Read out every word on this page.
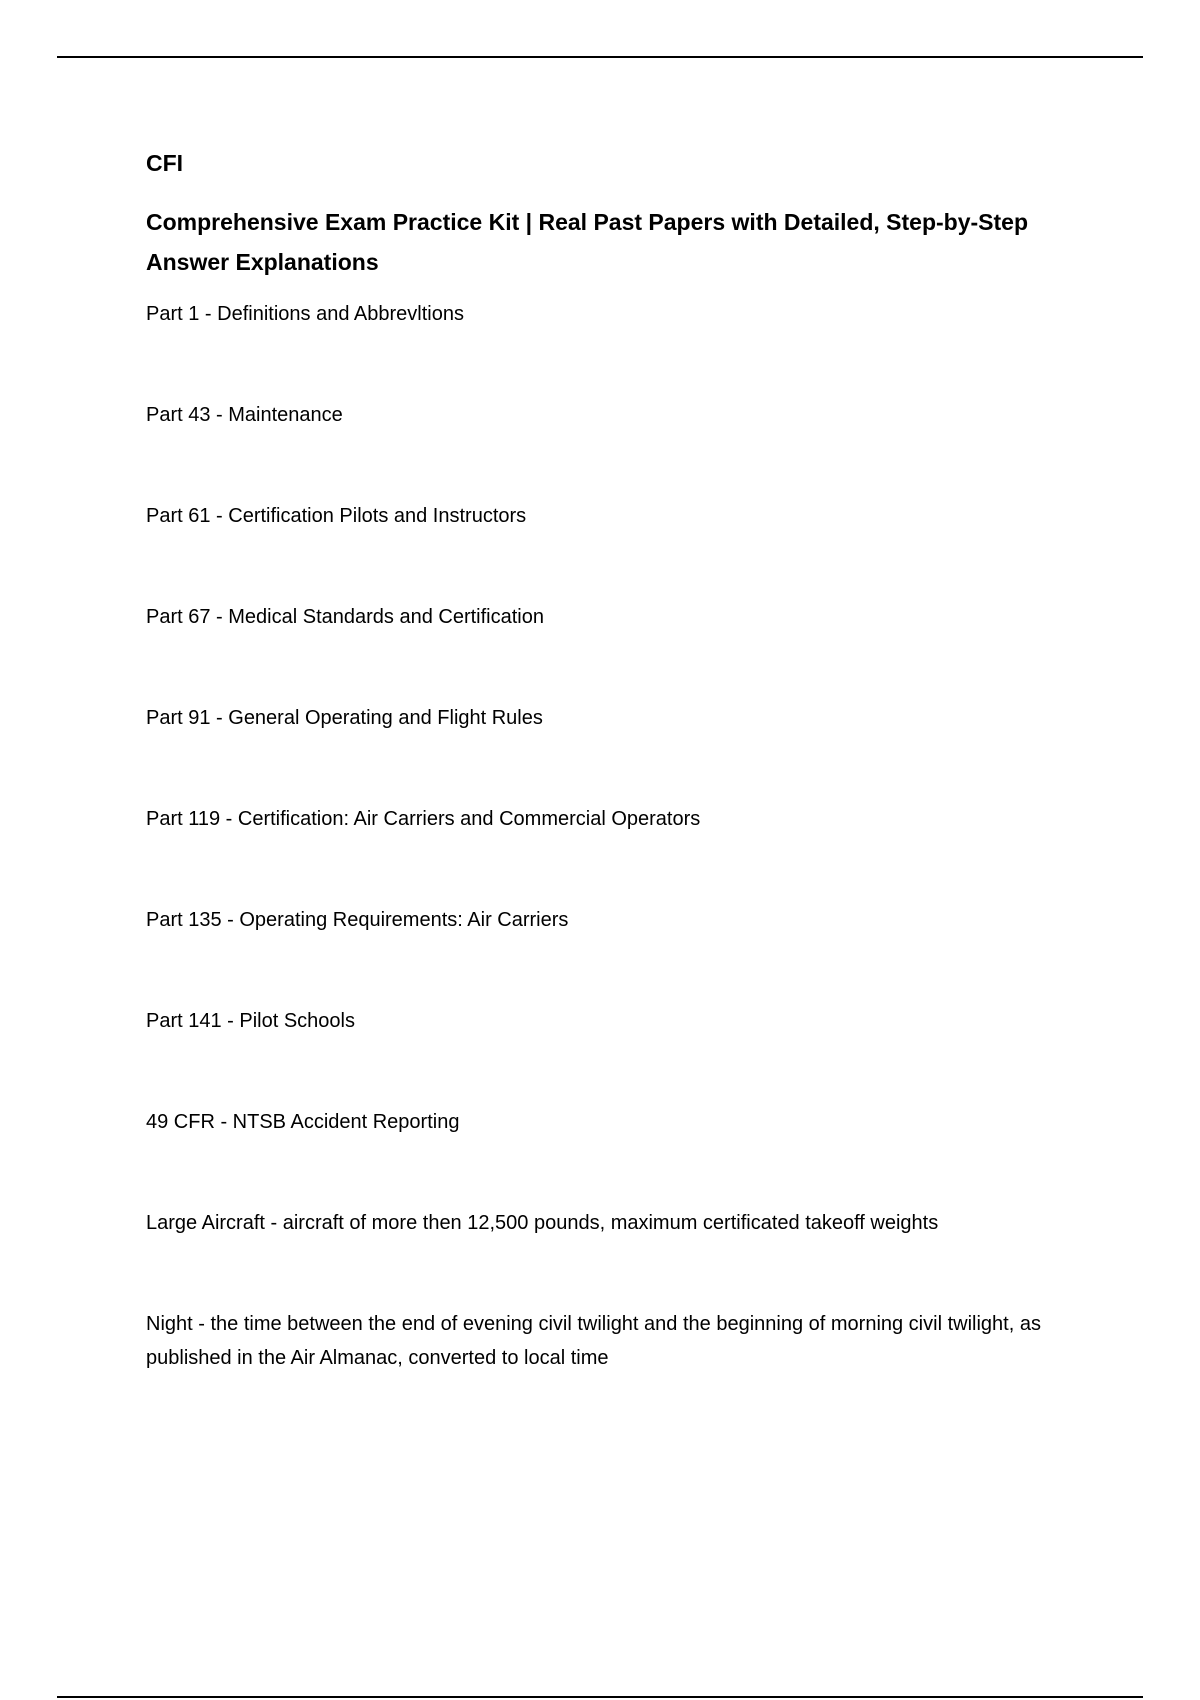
CFI
Comprehensive Exam Practice Kit | Real Past Papers with Detailed, Step-by-Step Answer Explanations
Part 1 - Definitions and Abbrevltions
Part 43 - Maintenance
Part 61 - Certification Pilots and Instructors
Part 67 - Medical Standards and Certification
Part 91 - General Operating and Flight Rules
Part 119 - Certification: Air Carriers and Commercial Operators
Part 135 - Operating Requirements: Air Carriers
Part 141 - Pilot Schools
49 CFR - NTSB Accident Reporting
Large Aircraft - aircraft of more then 12,500 pounds, maximum certificated takeoff weights
Night - the time between the end of evening civil twilight and the beginning of morning civil twilight, as published in the Air Almanac, converted to local time
